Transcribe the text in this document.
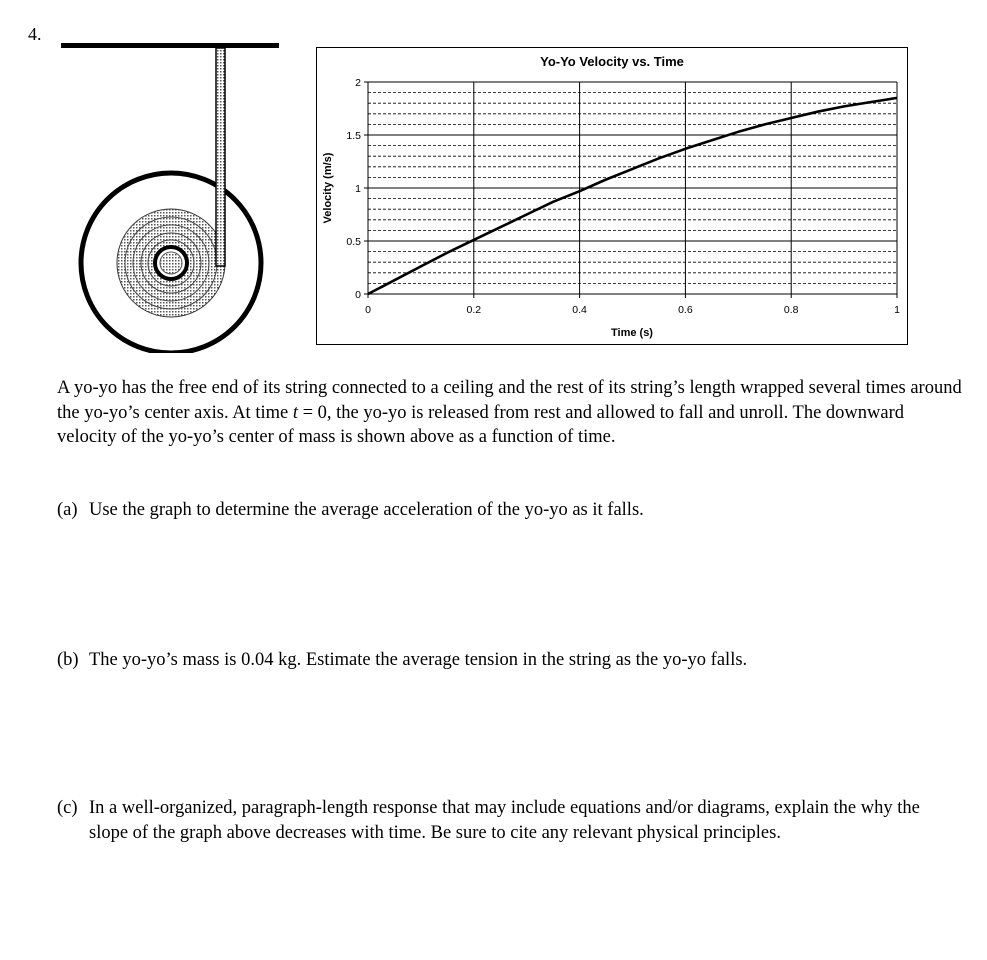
4.
Yo-Yo Velocity vs. Time
Time (s)
Velocity (m/s)
0	0.2	0.4	0.6	0.8	1
0
0.5
1
1.5
2
A yo-yo has the free end of its string connected to a ceiling and the rest of its string’s length wrapped several times around the yo-yo’s center axis. At time t = 0, the yo-yo is released from rest and allowed to fall and unroll. The downward velocity of the yo-yo’s center of mass is shown above as a function of time.
(a) Use the graph to determine the average acceleration of the yo-yo as it falls.
(b) The yo-yo’s mass is 0.04 kg. Estimate the average tension in the string as the yo-yo falls.
(c) In a well-organized, paragraph-length response that may include equations and/or diagrams, explain the why the slope of the graph above decreases with time. Be sure to cite any relevant physical principles.
